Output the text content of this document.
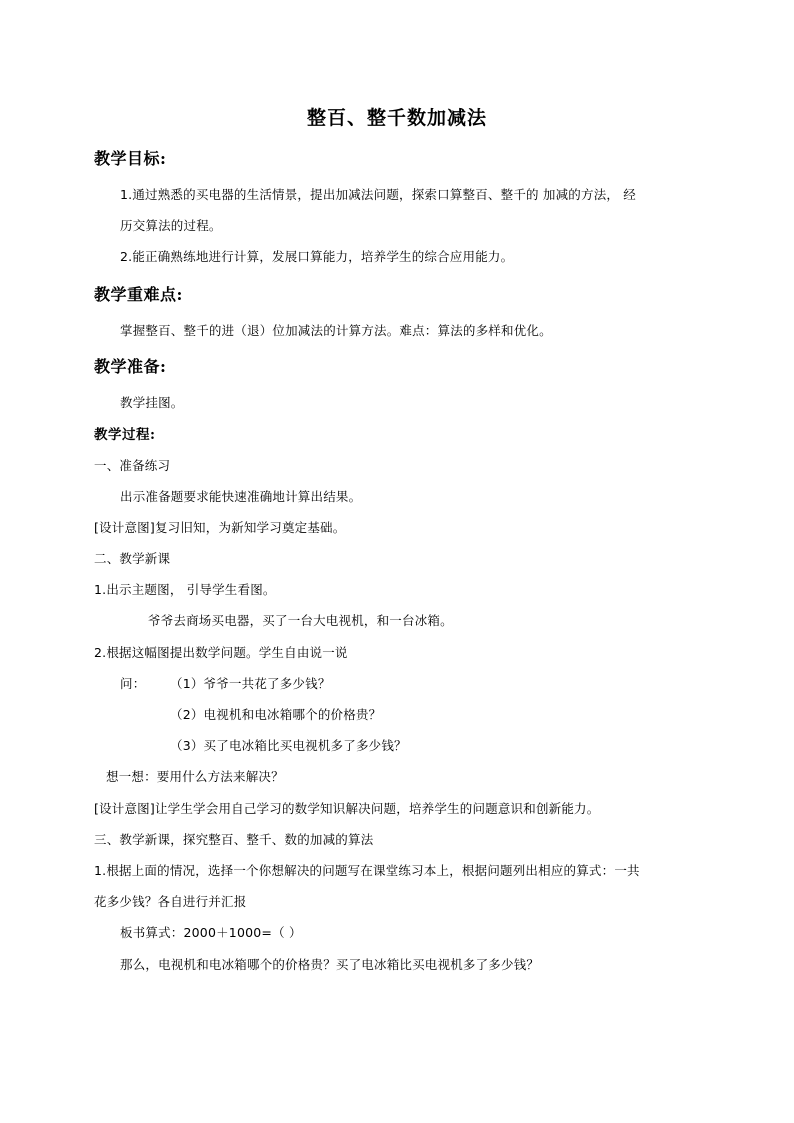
整百、整千数加减法
教学目标:
1.通过熟悉的买电器的生活情景，提出加减法问题，探索口算整百、整千的 加减的方法， 经
历交算法的过程。
2.能正确熟练地进行计算，发展口算能力，培养学生的综合应用能力。
教学重难点:
掌握整百、整千的进（退）位加减法的计算方法。难点：算法的多样和优化。
教学准备:
教学挂图。
教学过程:
一、准备练习
出示准备题要求能快速准确地计算出结果。
[设计意图]复习旧知，为新知学习奠定基础。
二、教学新课
1.出示主题图， 引导学生看图。
爷爷去商场买电器，买了一台大电视机，和一台冰箱。
2.根据这幅图提出数学问题。学生自由说一说
问： （1）爷爷一共花了多少钱？
（2）电视机和电冰箱哪个的价格贵？
（3）买了电冰箱比买电视机多了多少钱？
想一想：要用什么方法来解决？
[设计意图]让学生学会用自己学习的数学知识解决问题，培养学生的问题意识和创新能力。
三、教学新课，探究整百、整千、数的加减的算法
1.根据上面的情况，选择一个你想解决的问题写在课堂练习本上，根据问题列出相应的算式：一共
花多少钱？各自进行并汇报
板书算式：2000＋1000=（ ）
那么，电视机和电冰箱哪个的价格贵？买了电冰箱比买电视机多了多少钱？
